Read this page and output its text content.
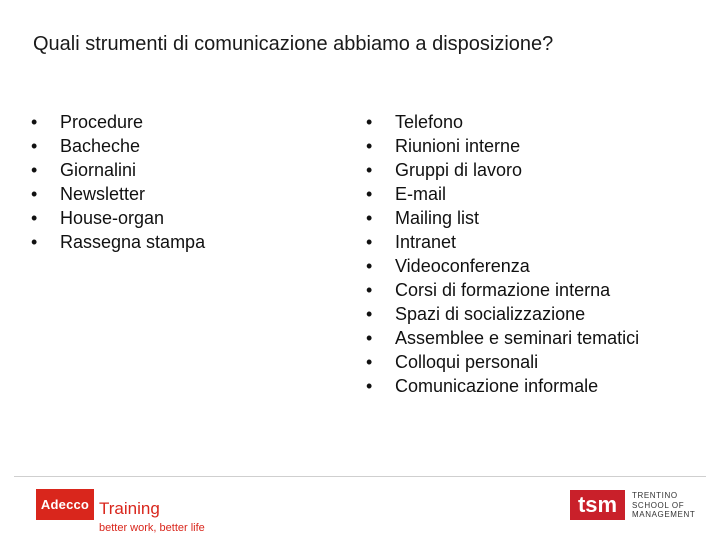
Quali strumenti di comunicazione abbiamo a disposizione?
• Procedure
• Bacheche
• Giornalini
• Newsletter
• House-organ
• Rassegna stampa
• Telefono
• Riunioni interne
• Gruppi di lavoro
• E-mail
• Mailing list
• Intranet
• Videoconferenza
• Corsi di formazione interna
• Spazi di socializzazione
• Assemblee e seminari tematici
• Colloqui personali
• Comunicazione informale
Adecco Training
better work, better life
tsm	TRENTINO
SCHOOL OF
MANAGEMENT
